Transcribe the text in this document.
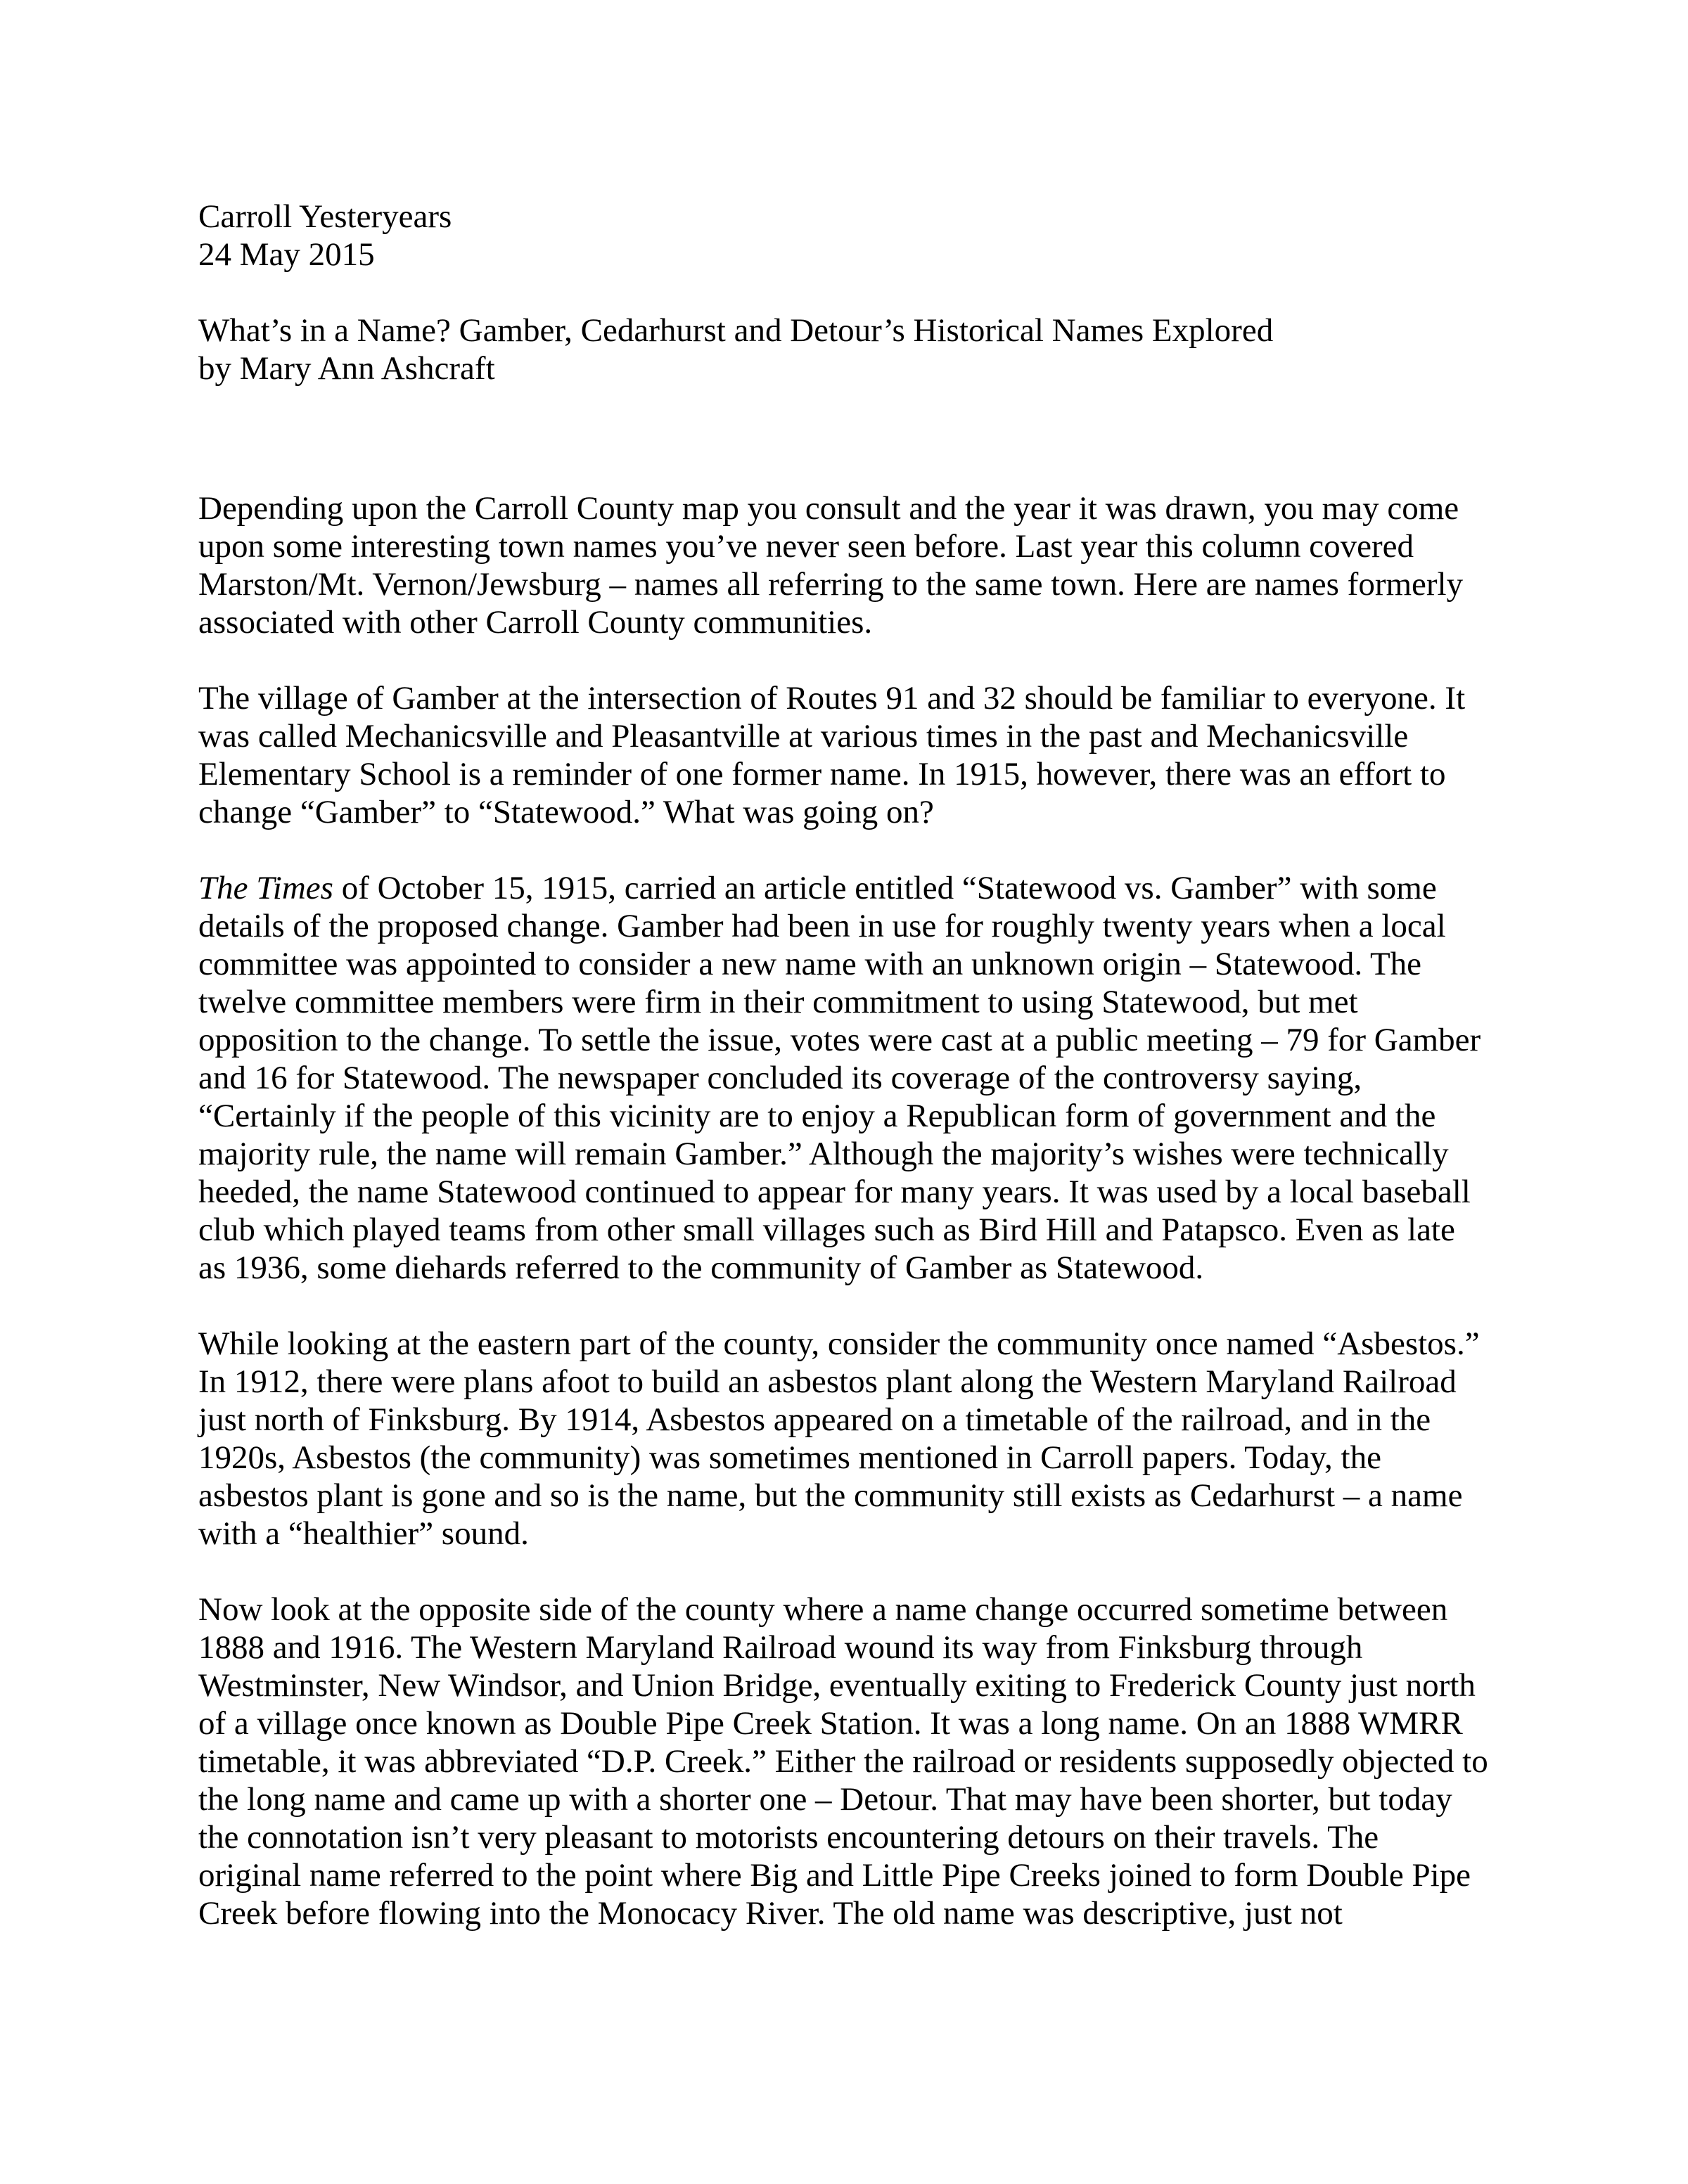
Carroll Yesteryears
24 May 2015
What’s in a Name? Gamber, Cedarhurst and Detour’s Historical Names Explored
by Mary Ann Ashcraft

Depending upon the Carroll County map you consult and the year it was drawn, you may come upon some interesting town names you’ve never seen before. Last year this column covered Marston/Mt. Vernon/Jewsburg – names all referring to the same town. Here are names formerly associated with other Carroll County communities.

The village of Gamber at the intersection of Routes 91 and 32 should be familiar to everyone. It was called Mechanicsville and Pleasantville at various times in the past and Mechanicsville Elementary School is a reminder of one former name. In 1915, however, there was an effort to change “Gamber” to “Statewood.” What was going on?

The Times of October 15, 1915, carried an article entitled “Statewood vs. Gamber” with some details of the proposed change. Gamber had been in use for roughly twenty years when a local committee was appointed to consider a new name with an unknown origin – Statewood. The twelve committee members were firm in their commitment to using Statewood, but met opposition to the change. To settle the issue, votes were cast at a public meeting – 79 for Gamber and 16 for Statewood. The newspaper concluded its coverage of the controversy saying, “Certainly if the people of this vicinity are to enjoy a Republican form of government and the majority rule, the name will remain Gamber.” Although the majority’s wishes were technically heeded, the name Statewood continued to appear for many years. It was used by a local baseball club which played teams from other small villages such as Bird Hill and Patapsco. Even as late as 1936, some diehards referred to the community of Gamber as Statewood.

While looking at the eastern part of the county, consider the community once named “Asbestos.” In 1912, there were plans afoot to build an asbestos plant along the Western Maryland Railroad just north of Finksburg. By 1914, Asbestos appeared on a timetable of the railroad, and in the 1920s, Asbestos (the community) was sometimes mentioned in Carroll papers. Today, the asbestos plant is gone and so is the name, but the community still exists as Cedarhurst – a name with a “healthier” sound.

Now look at the opposite side of the county where a name change occurred sometime between 1888 and 1916. The Western Maryland Railroad wound its way from Finksburg through Westminster, New Windsor, and Union Bridge, eventually exiting to Frederick County just north of a village once known as Double Pipe Creek Station. It was a long name. On an 1888 WMRR timetable, it was abbreviated “D.P. Creek.” Either the railroad or residents supposedly objected to the long name and came up with a shorter one – Detour. That may have been shorter, but today the connotation isn’t very pleasant to motorists encountering detours on their travels. The original name referred to the point where Big and Little Pipe Creeks joined to form Double Pipe Creek before flowing into the Monocacy River. The old name was descriptive, just not
